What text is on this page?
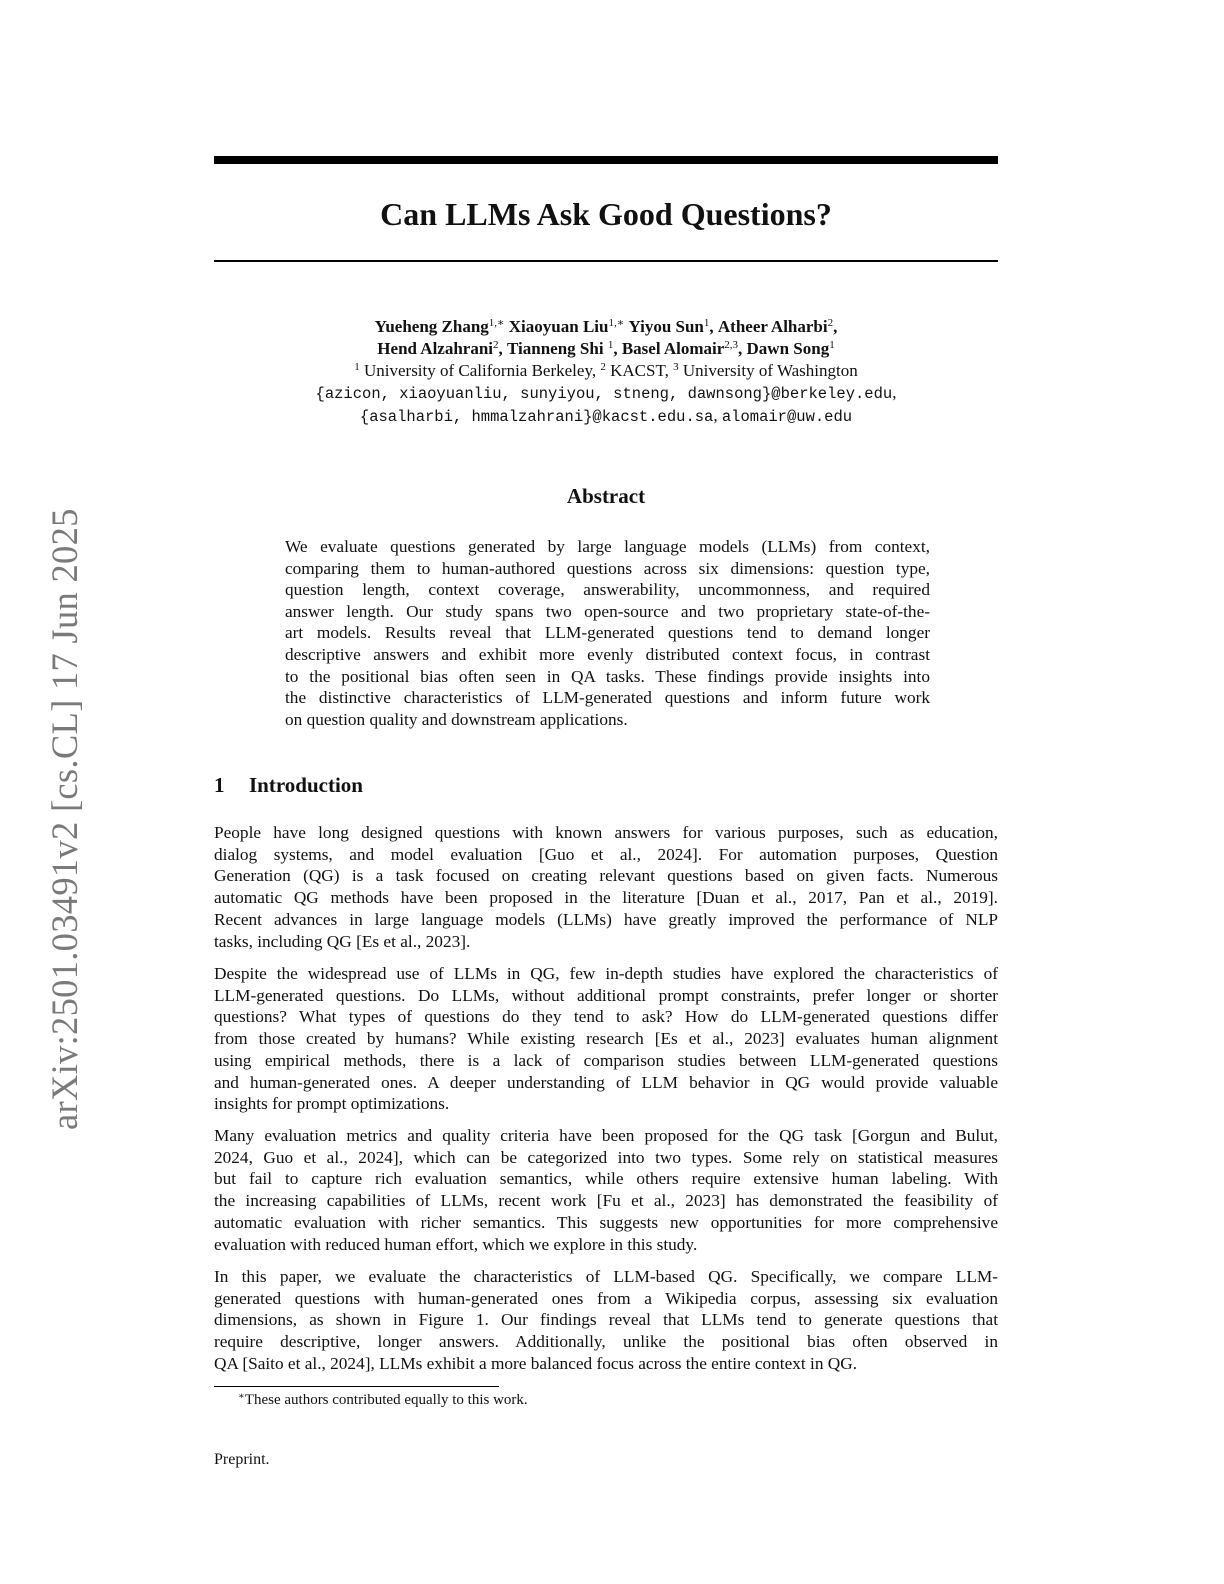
arXiv:2501.03491v2 [cs.CL] 17 Jun 2025
Can LLMs Ask Good Questions?
Yueheng Zhang$^{1,∗}$ Xiaoyuan Liu$^{1,∗}$ Yiyou Sun$^1$, Atheer Alharbi$^2$,
Hend Alzahrani$^2$, Tianneng Shi $^1$, Basel Alomair$^{2,3}$, Dawn Song$^1$
$^1$ University of California Berkeley, $^2$ KACST, $^3$ University of Washington
{azicon, xiaoyuanliu, sunyiyou, stneng, dawnsong}@berkeley.edu,
{asalharbi, hmmalzahrani}@kacst.edu.sa, alomair@uw.edu
Abstract
We evaluate questions generated by large language models (LLMs) from context,
comparing them to human-authored questions across six dimensions: question type,
question length, context coverage, answerability, uncommonness, and required
answer length. Our study spans two open-source and two proprietary state-of-the-
art models. Results reveal that LLM-generated questions tend to demand longer
descriptive answers and exhibit more evenly distributed context focus, in contrast
to the positional bias often seen in QA tasks. These findings provide insights into
the distinctive characteristics of LLM-generated questions and inform future work
on question quality and downstream applications.
1 Introduction
People have long designed questions with known answers for various purposes, such as education,
dialog systems, and model evaluation [Guo et al., 2024]. For automation purposes, Question
Generation (QG) is a task focused on creating relevant questions based on given facts. Numerous
automatic QG methods have been proposed in the literature [Duan et al., 2017, Pan et al., 2019].
Recent advances in large language models (LLMs) have greatly improved the performance of NLP
tasks, including QG [Es et al., 2023].
Despite the widespread use of LLMs in QG, few in-depth studies have explored the characteristics of
LLM-generated questions. Do LLMs, without additional prompt constraints, prefer longer or shorter
questions? What types of questions do they tend to ask? How do LLM-generated questions differ
from those created by humans? While existing research [Es et al., 2023] evaluates human alignment
using empirical methods, there is a lack of comparison studies between LLM-generated questions
and human-generated ones. A deeper understanding of LLM behavior in QG would provide valuable
insights for prompt optimizations.
Many evaluation metrics and quality criteria have been proposed for the QG task [Gorgun and Bulut,
2024, Guo et al., 2024], which can be categorized into two types. Some rely on statistical measures
but fail to capture rich evaluation semantics, while others require extensive human labeling. With
the increasing capabilities of LLMs, recent work [Fu et al., 2023] has demonstrated the feasibility of
automatic evaluation with richer semantics. This suggests new opportunities for more comprehensive
evaluation with reduced human effort, which we explore in this study.
In this paper, we evaluate the characteristics of LLM-based QG. Specifically, we compare LLM-
generated questions with human-generated ones from a Wikipedia corpus, assessing six evaluation
dimensions, as shown in Figure 1. Our findings reveal that LLMs tend to generate questions that
require descriptive, longer answers. Additionally, unlike the positional bias often observed in
QA [Saito et al., 2024], LLMs exhibit a more balanced focus across the entire context in QG.
∗These authors contributed equally to this work.
Preprint.
